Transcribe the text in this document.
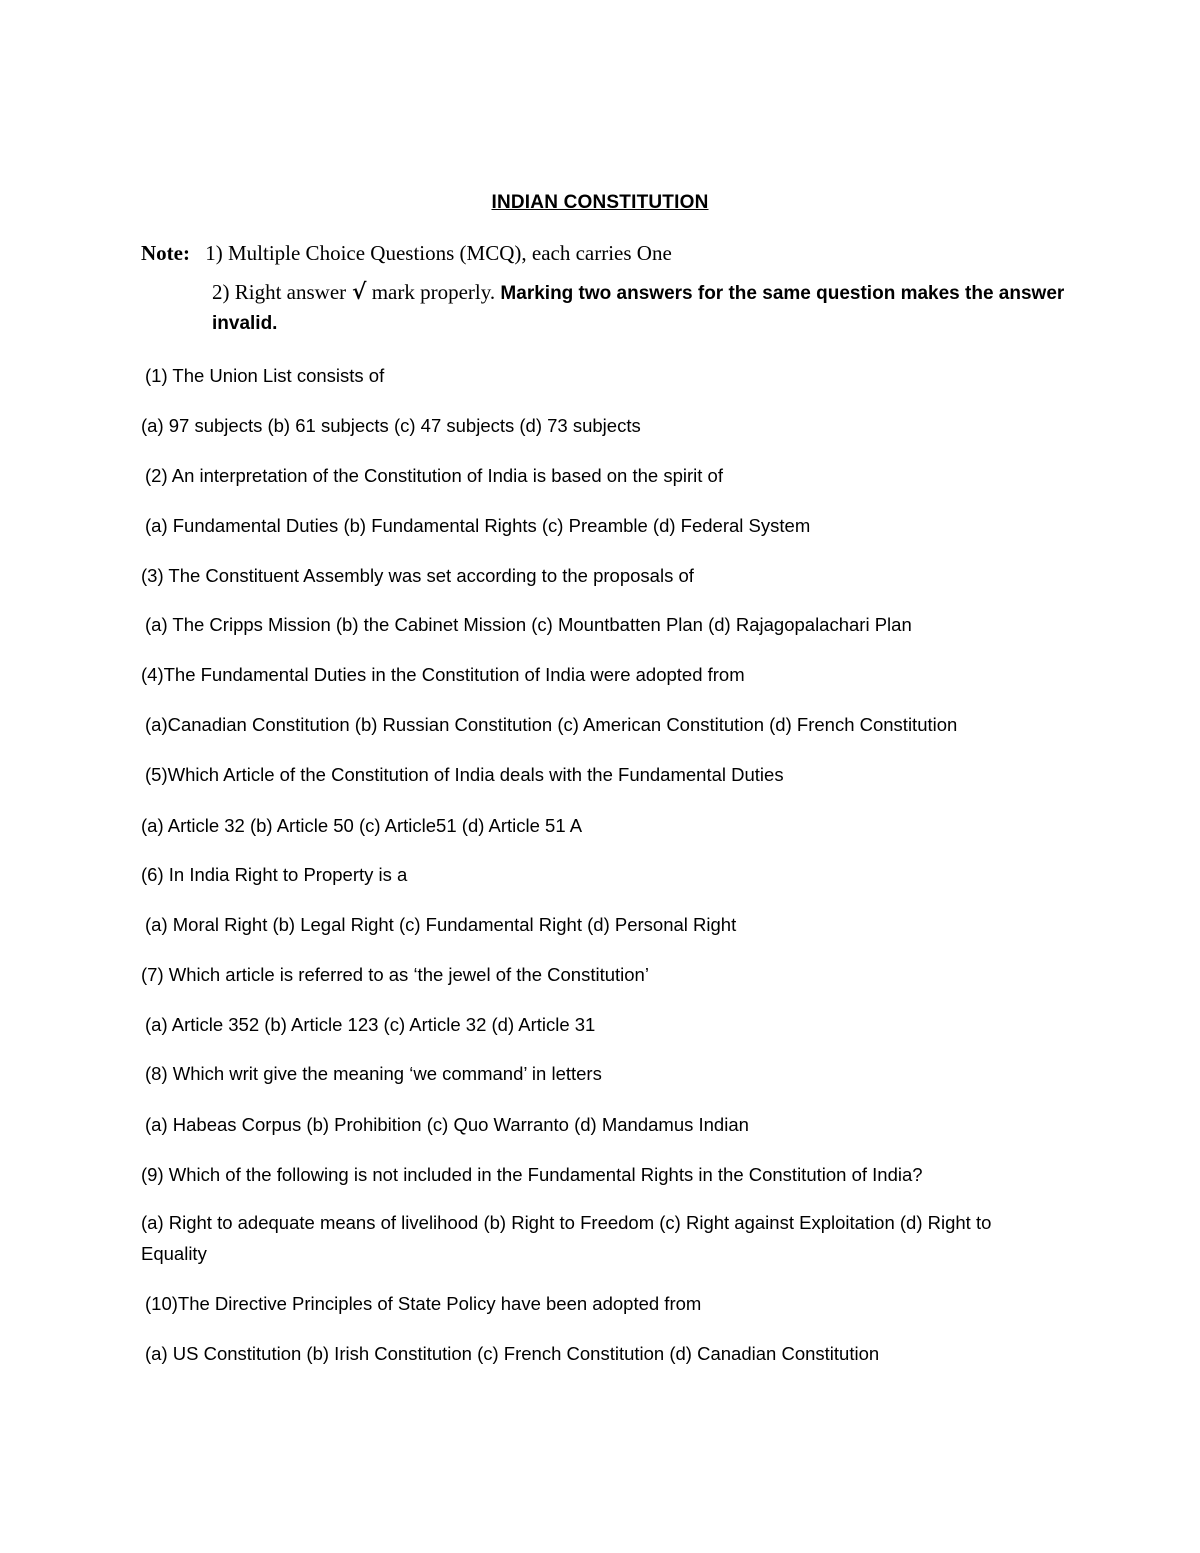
INDIAN CONSTITUTION
Note: 1) Multiple Choice Questions (MCQ), each carries One
2) Right answer √ mark properly. Marking two answers for the same question makes the answer invalid.
(1) The Union List consists of
(a) 97 subjects (b) 61 subjects (c) 47 subjects (d) 73 subjects
(2) An interpretation of the Constitution of India is based on the spirit of
(a) Fundamental Duties (b) Fundamental Rights (c) Preamble (d) Federal System
(3) The Constituent Assembly was set according to the proposals of
(a) The Cripps Mission (b) the Cabinet Mission (c) Mountbatten Plan (d) Rajagopalachari Plan
(4)The Fundamental Duties in the Constitution of India were adopted from
(a)Canadian Constitution (b) Russian Constitution (c) American Constitution (d) French Constitution
(5)Which Article of the Constitution of India deals with the Fundamental Duties
(a) Article 32 (b) Article 50 (c) Article51 (d) Article 51 A
(6) In India Right to Property is a
(a) Moral Right (b) Legal Right (c) Fundamental Right (d) Personal Right
(7) Which article is referred to as ‘the jewel of the Constitution’
(a) Article 352 (b) Article 123 (c) Article 32 (d) Article 31
(8) Which writ give the meaning ‘we command’ in letters
(a) Habeas Corpus (b) Prohibition (c) Quo Warranto (d) Mandamus Indian
(9) Which of the following is not included in the Fundamental Rights in the Constitution of India?
(a) Right to adequate means of livelihood (b) Right to Freedom (c) Right against Exploitation (d) Right to Equality
(10)The Directive Principles of State Policy have been adopted from
(a) US Constitution (b) Irish Constitution (c) French Constitution (d) Canadian Constitution
